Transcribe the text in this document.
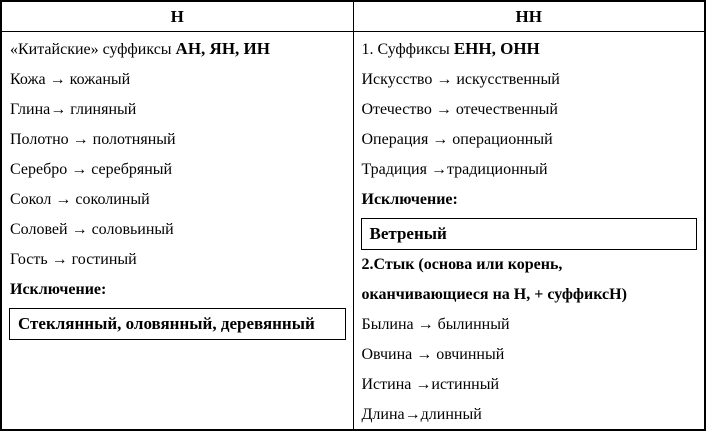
Н	НН

«Китайские» суффиксы АН, ЯН, ИН

Кожа → кожаный

Глина→ глиняный

Полотно → полотняный

Серебро → серебряный

Сокол → соколиный

Соловей → соловьиный

Гость → гостиный

Исключение:

Стеклянный, оловянный, деревянный

1. Суффиксы ЕНН, ОНН

Искусство → искусственный

Отечество → отечественный

Операция → операционный

Традиция →традиционный

Исключение:

Ветреный

2.Стык (основа или корень,

оканчивающиеся на Н, + суффиксН)

Былина → былинный

Овчина → овчинный

Истина →истинный

Длина→длинный
